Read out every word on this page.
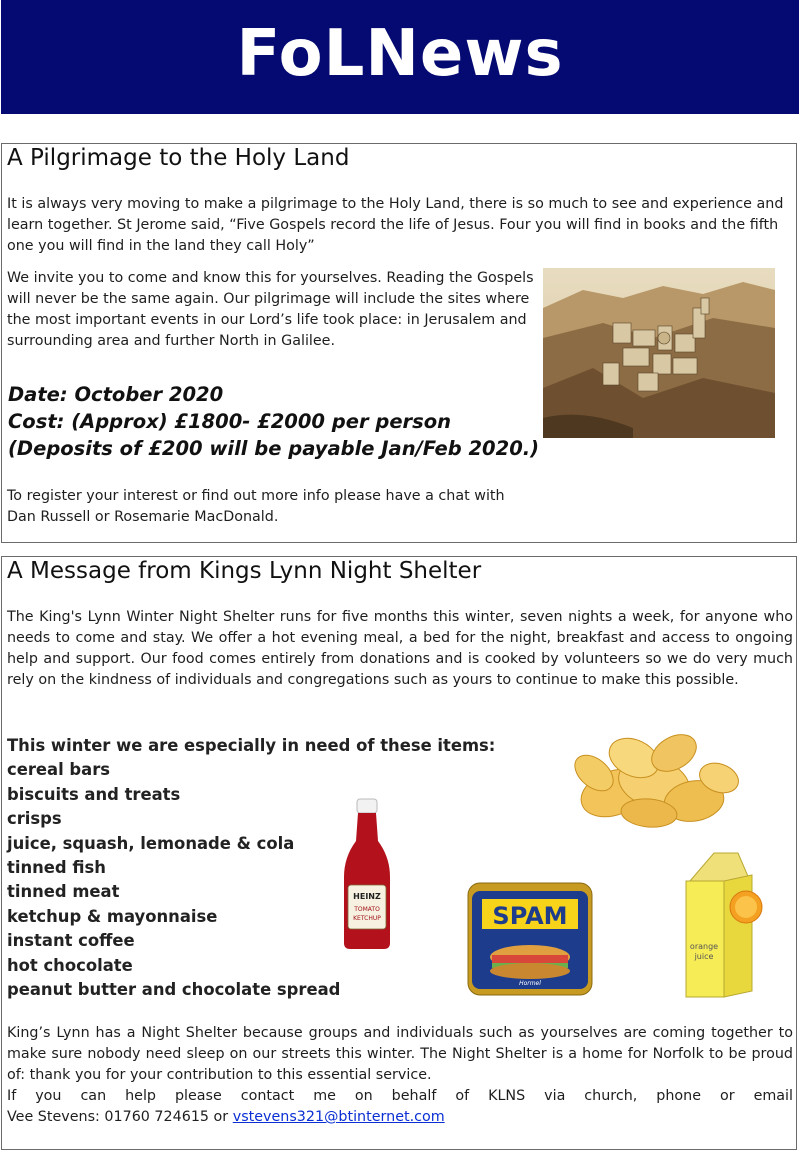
FoLNews
A Pilgrimage to the Holy Land

It is always very moving to make a pilgrimage to the Holy Land, there is so much to see and experience and learn together. St Jerome said, “Five Gospels record the life of Jesus. Four you will find in books and the fifth one you will find in the land they call Holy”

We invite you to come and know this for yourselves. Reading the Gospels will never be the same again. Our pilgrimage will include the sites where the most important events in our Lord’s life took place: in Jerusalem and surrounding area and further North in Galilee.

Date: October 2020

Cost: (Approx) £1800- £2000 per person

(Deposits of £200 will be payable Jan/Feb 2020.)

To register your interest or find out more info please have a chat with

Dan Russell or Rosemarie MacDonald.

A Message from Kings Lynn Night Shelter

The King's Lynn Winter Night Shelter runs for five months this winter, seven nights a week, for anyone who needs to come and stay. We offer a hot evening meal, a bed for the night, breakfast and access to ongoing help and support. Our food comes entirely from donations and is cooked by volunteers so we do very much rely on the kindness of individuals and congregations such as yours to continue to make this possible.

This winter we are especially in need of these items:

cereal bars
biscuits and treats
crisps
juice, squash, lemonade & cola
tinned fish
tinned meat
ketchup & mayonnaise
instant coffee
hot chocolate
peanut butter and chocolate spread
HEINZ
TOMATO
KETCHUP	SPAM
Hormel
orange
juice

King’s Lynn has a Night Shelter because groups and individuals such as yourselves are coming together to make sure nobody need sleep on our streets this winter. The Night Shelter is a home for Norfolk to be proud of: thank you for your contribution to this essential service.

If you can help please contact me on behalf of KLNS via church, phone or email

Vee Stevens: 01760 724615 or vstevens321@btinternet.com
